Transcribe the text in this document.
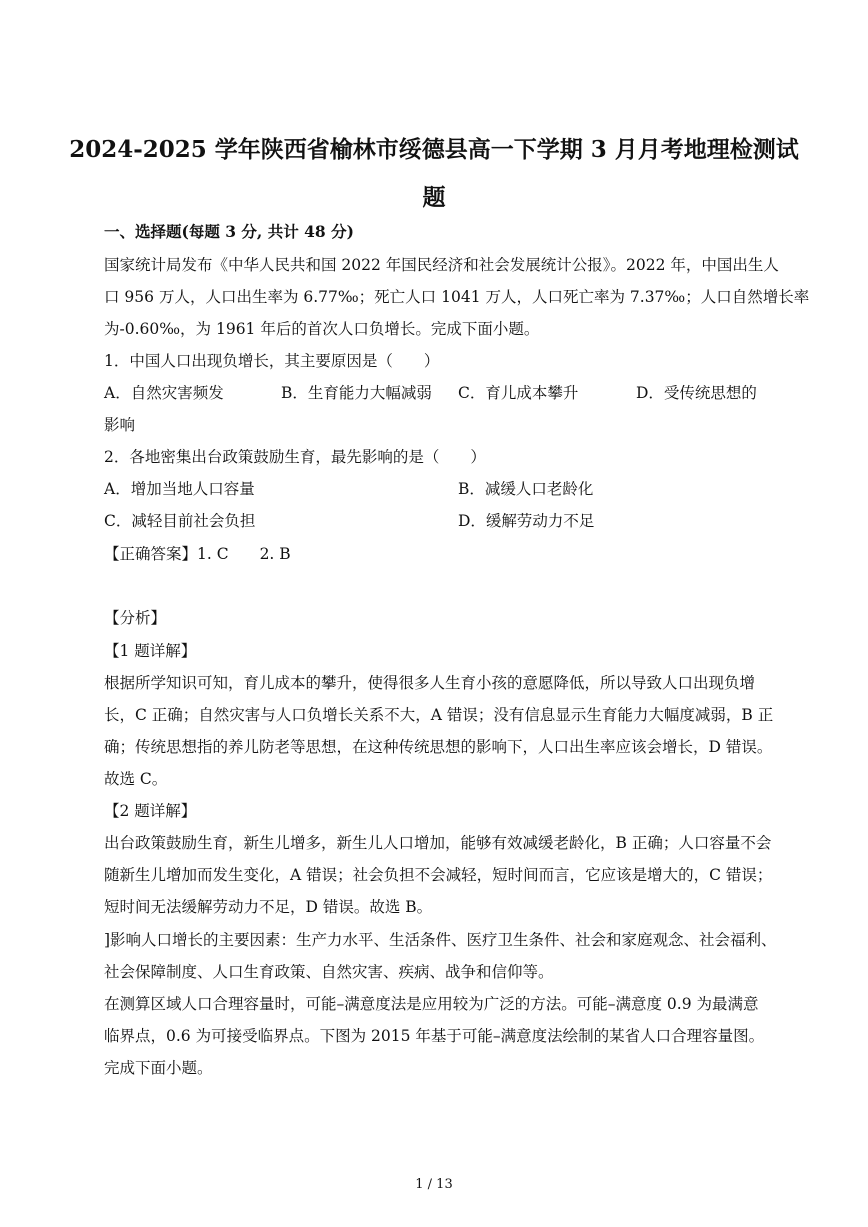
2024-2025 学年陕西省榆林市绥德县高一下学期 3 月月考地理检测试
题
一、选择题(每题 3 分, 共计 48 分)
国家统计局发布《中华人民共和国 2022 年国民经济和社会发展统计公报》。2022 年，中国出生人
口 956 万人，人口出生率为 6.77‰；死亡人口 1041 万人，人口死亡率为 7.37‰；人口自然增长率
为-0.60‰，为 1961 年后的首次人口负增长。完成下面小题。
1．中国人口出现负增长，其主要原因是（　　）
A．自然灾害频发	B．生育能力大幅减弱 C．育儿成本攀升	D．受传统思想的
影响
2．各地密集出台政策鼓励生育，最先影响的是（　　）
A．增加当地人口容量	B．减缓人口老龄化
C．减轻目前社会负担	D．缓解劳动力不足
【正确答案】1. C　　2. B
【分析】
【1 题详解】
根据所学知识可知，育儿成本的攀升，使得很多人生育小孩的意愿降低，所以导致人口出现负增
长，C 正确；自然灾害与人口负增长关系不大，A 错误；没有信息显示生育能力大幅度减弱，B 正
确；传统思想指的养儿防老等思想，在这种传统思想的影响下，人口出生率应该会增长，D 错误。
故选 C。
【2 题详解】
出台政策鼓励生育，新生儿增多，新生儿人口增加，能够有效减缓老龄化，B 正确；人口容量不会
随新生儿增加而发生变化，A 错误；社会负担不会减轻，短时间而言，它应该是增大的，C 错误；
短时间无法缓解劳动力不足，D 错误。故选 B。
]影响人口增长的主要因素：生产力水平、生活条件、医疗卫生条件、社会和家庭观念、社会福利、
社会保障制度、人口生育政策、自然灾害、疾病、战争和信仰等。
在测算区域人口合理容量时，可能–满意度法是应用较为广泛的方法。可能–满意度 0.9 为最满意
临界点，0.6 为可接受临界点。下图为 2015 年基于可能–满意度法绘制的某省人口合理容量图。
完成下面小题。
1 / 13
